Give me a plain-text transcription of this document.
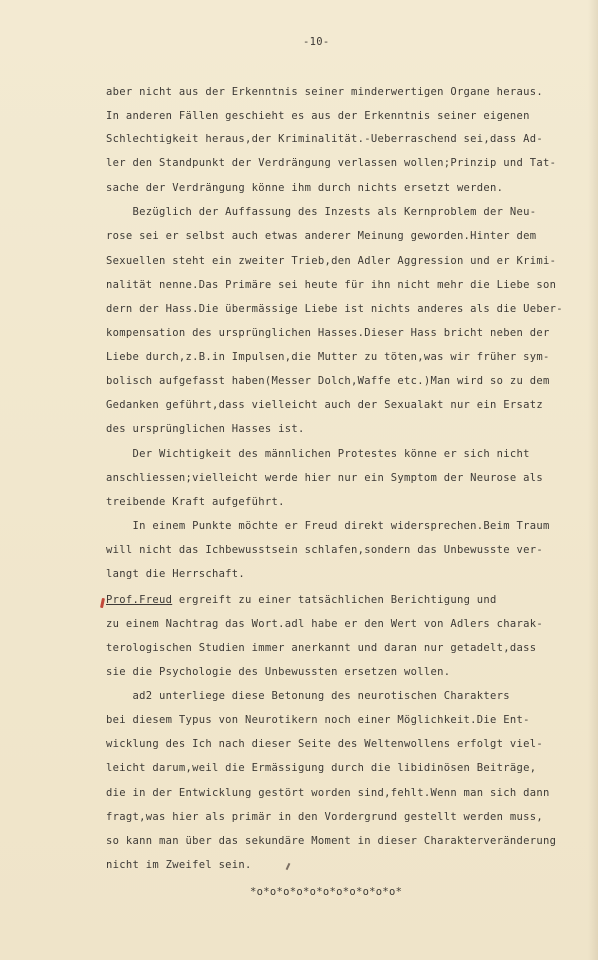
-10-
aber nicht aus der Erkenntnis seiner minderwertigen Organe heraus.
In anderen Fällen geschieht es aus der Erkenntnis seiner eigenen
Schlechtigkeit heraus,der Kriminalität.-Ueberraschend sei,dass Ad-
ler den Standpunkt der Verdrängung verlassen wollen;Prinzip und Tat-
sache der Verdrängung könne ihm durch nichts ersetzt werden.
Bezüglich der Auffassung des Inzests als Kernproblem der Neu-
rose sei er selbst auch etwas anderer Meinung geworden.Hinter dem
Sexuellen steht ein zweiter Trieb,den Adler Aggression und er Krimi-
nalität nenne.Das Primäre sei heute für ihn nicht mehr die Liebe son
dern der Hass.Die übermässige Liebe ist nichts anderes als die Ueber-
kompensation des ursprünglichen Hasses.Dieser Hass bricht neben der
Liebe durch,z.B.in Impulsen,die Mutter zu töten,was wir früher sym-
bolisch aufgefasst haben(Messer Dolch,Waffe etc.)Man wird so zu dem
Gedanken geführt,dass vielleicht auch der Sexualakt nur ein Ersatz
des ursprünglichen Hasses ist.
Der Wichtigkeit des männlichen Protestes könne er sich nicht
anschliessen;vielleicht werde hier nur ein Symptom der Neurose als
treibende Kraft aufgeführt.
In einem Punkte möchte er Freud direkt widersprechen.Beim Traum
will nicht das Ichbewusstsein schlafen,sondern das Unbewusste ver-
langt die Herrschaft.
Prof.Freud ergreift zu einer tatsächlichen Berichtigung und
zu einem Nachtrag das Wort.adl habe er den Wert von Adlers charak-
terologischen Studien immer anerkannt und daran nur getadelt,dass
sie die Psychologie des Unbewussten ersetzen wollen.
ad2 unterliege diese Betonung des neurotischen Charakters
bei diesem Typus von Neurotikern noch einer Möglichkeit.Die Ent-
wicklung des Ich nach dieser Seite des Weltenwollens erfolgt viel-
leicht darum,weil die Ermässigung durch die libidinösen Beiträge,
die in der Entwicklung gestört worden sind,fehlt.Wenn man sich dann
fragt,was hier als primär in den Vordergrund gestellt werden muss,
so kann man über das sekundäre Moment in dieser Charakterveränderung
nicht im Zweifel sein.
*o*o*o*o*o*o*o*o*o*o*o*
